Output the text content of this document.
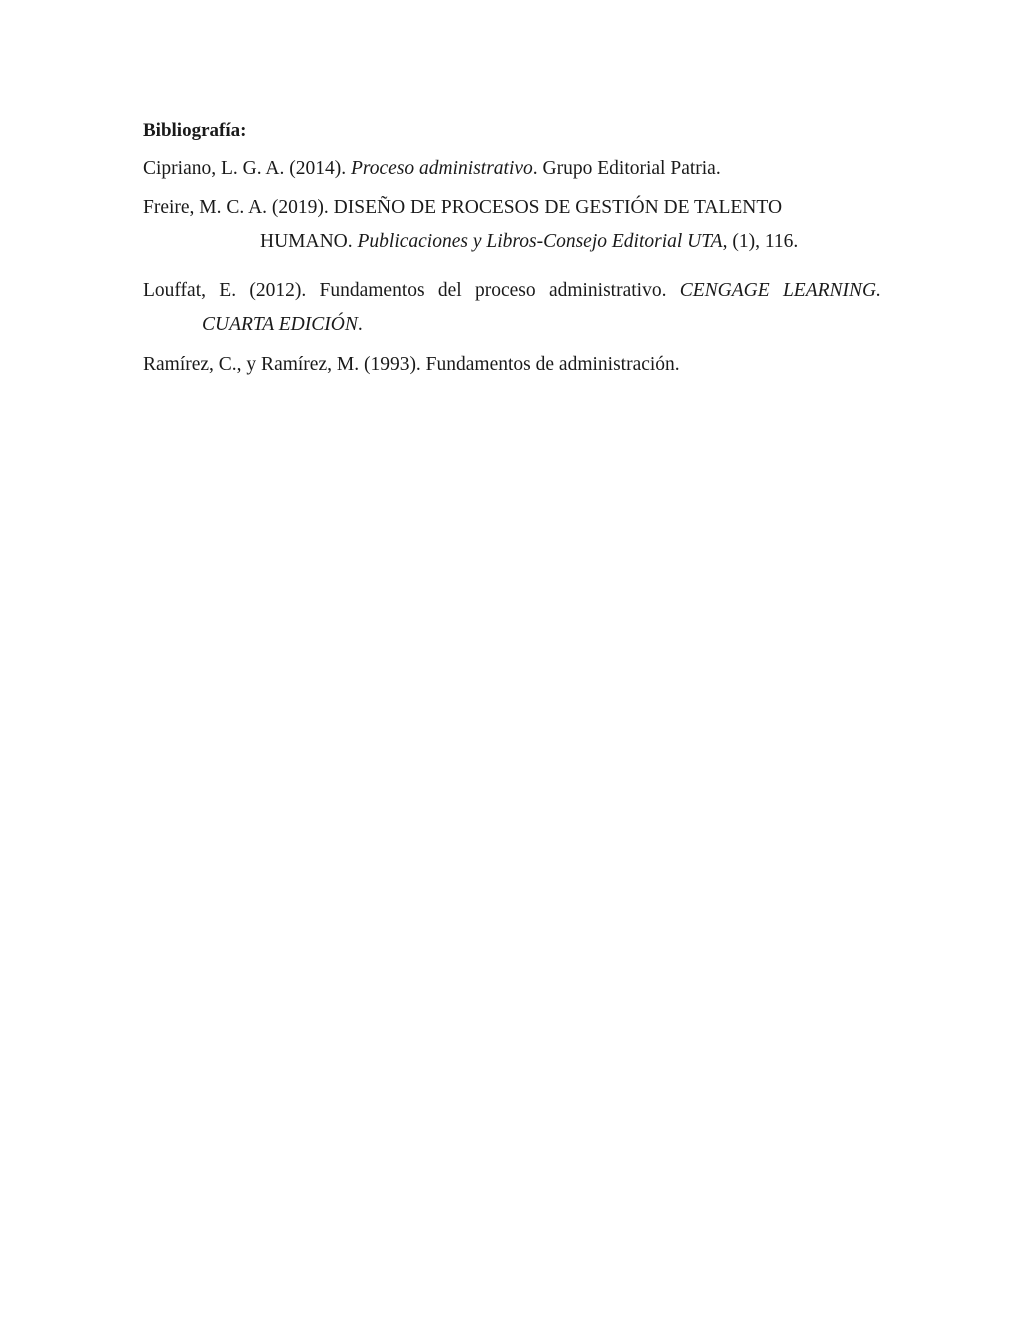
Bibliografía:

Cipriano, L. G. A. (2014). Proceso administrativo. Grupo Editorial Patria.

Freire, M. C. A. (2019). DISEÑO DE PROCESOS DE GESTIÓN DE TALENTO

HUMANO. Publicaciones y Libros-Consejo Editorial UTA, (1), 116.

Louffat, E. (2012). Fundamentos del proceso administrativo. CENGAGE LEARNING.

CUARTA EDICIÓN.

Ramírez, C., y Ramírez, M. (1993). Fundamentos de administración.
